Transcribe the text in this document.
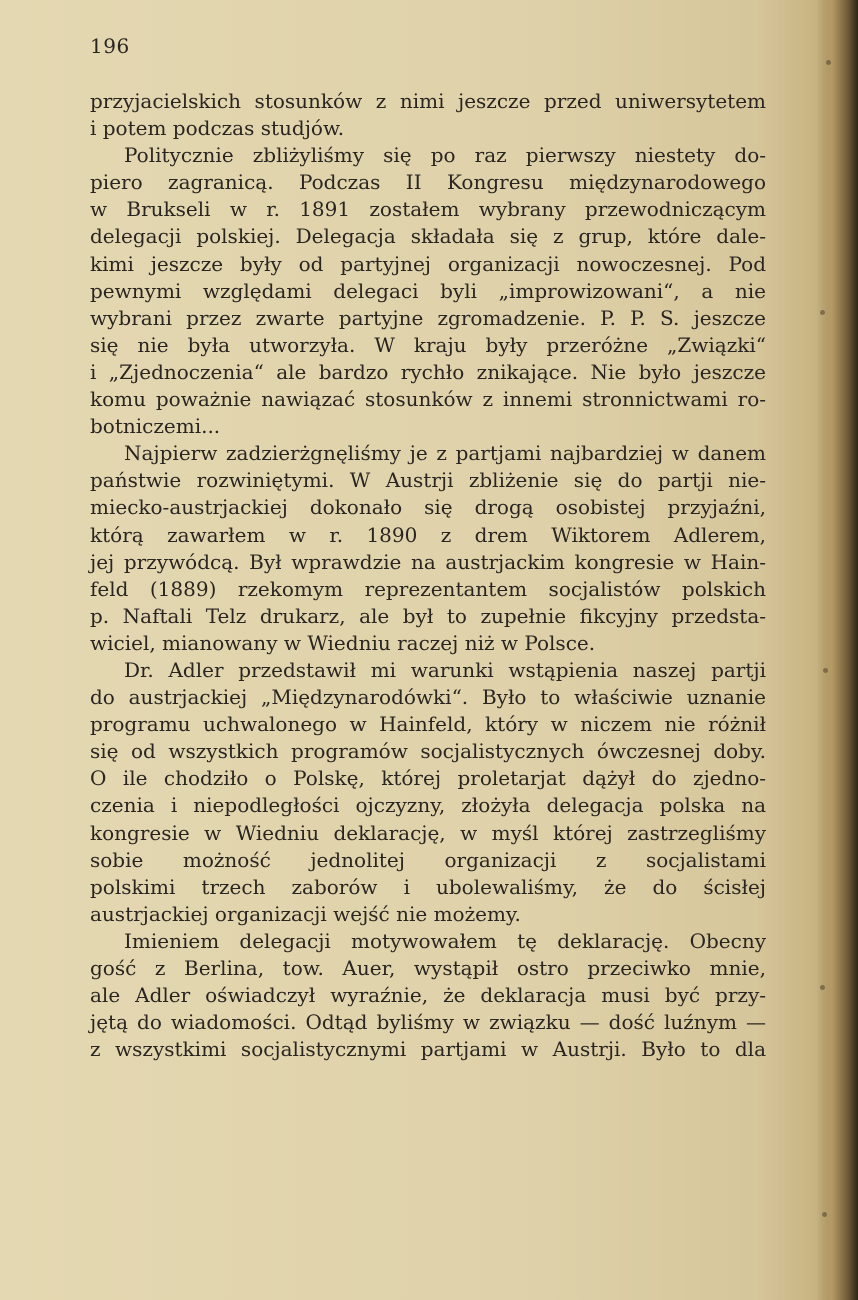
196
przyjacielskich stosunków z nimi jeszcze przed uniwersytetem
i potem podczas studjów.
Politycznie zbliżyliśmy się po raz pierwszy niestety do-
piero zagranicą. Podczas II Kongresu międzynarodowego
w Brukseli w r. 1891 zostałem wybrany przewodniczącym
delegacji polskiej. Delegacja składała się z grup, które dale-
kimi jeszcze były od partyjnej organizacji nowoczesnej. Pod
pewnymi względami delegaci byli „improwizowani“, a nie
wybrani przez zwarte partyjne zgromadzenie. P. P. S. jeszcze
się nie była utworzyła. W kraju były przeróżne „Związki“
i „Zjednoczenia“ ale bardzo rychło znikające. Nie było jeszcze
komu poważnie nawiązać stosunków z innemi stronnictwami ro-
botniczemi...
Najpierw zadzierżgnęliśmy je z partjami najbardziej w danem
państwie rozwiniętymi. W Austrji zbliżenie się do partji nie-
miecko-austrjackiej dokonało się drogą osobistej przyjaźni,
którą zawarłem w r. 1890 z drem Wiktorem Adlerem,
jej przywódcą. Był wprawdzie na austrjackim kongresie w Hain-
feld (1889) rzekomym reprezentantem socjalistów polskich
p. Naftali Telz drukarz, ale był to zupełnie fikcyjny przedsta-
wiciel, mianowany w Wiedniu raczej niż w Polsce.
Dr. Adler przedstawił mi warunki wstąpienia naszej partji
do austrjackiej „Międzynarodówki“. Było to właściwie uznanie
programu uchwalonego w Hainfeld, który w niczem nie różnił
się od wszystkich programów socjalistycznych ówczesnej doby.
O ile chodziło o Polskę, której proletarjat dążył do zjedno-
czenia i niepodległości ojczyzny, złożyła delegacja polska na
kongresie w Wiedniu deklarację, w myśl której zastrzegliśmy
sobie możność jednolitej organizacji z socjalistami
polskimi trzech zaborów i ubolewaliśmy, że do ścisłej
austrjackiej organizacji wejść nie możemy.
Imieniem delegacji motywowałem tę deklarację. Obecny
gość z Berlina, tow. Auer, wystąpił ostro przeciwko mnie,
ale Adler oświadczył wyraźnie, że deklaracja musi być przy-
jętą do wiadomości. Odtąd byliśmy w związku — dość luźnym —
z wszystkimi socjalistycznymi partjami w Austrji. Było to dla
